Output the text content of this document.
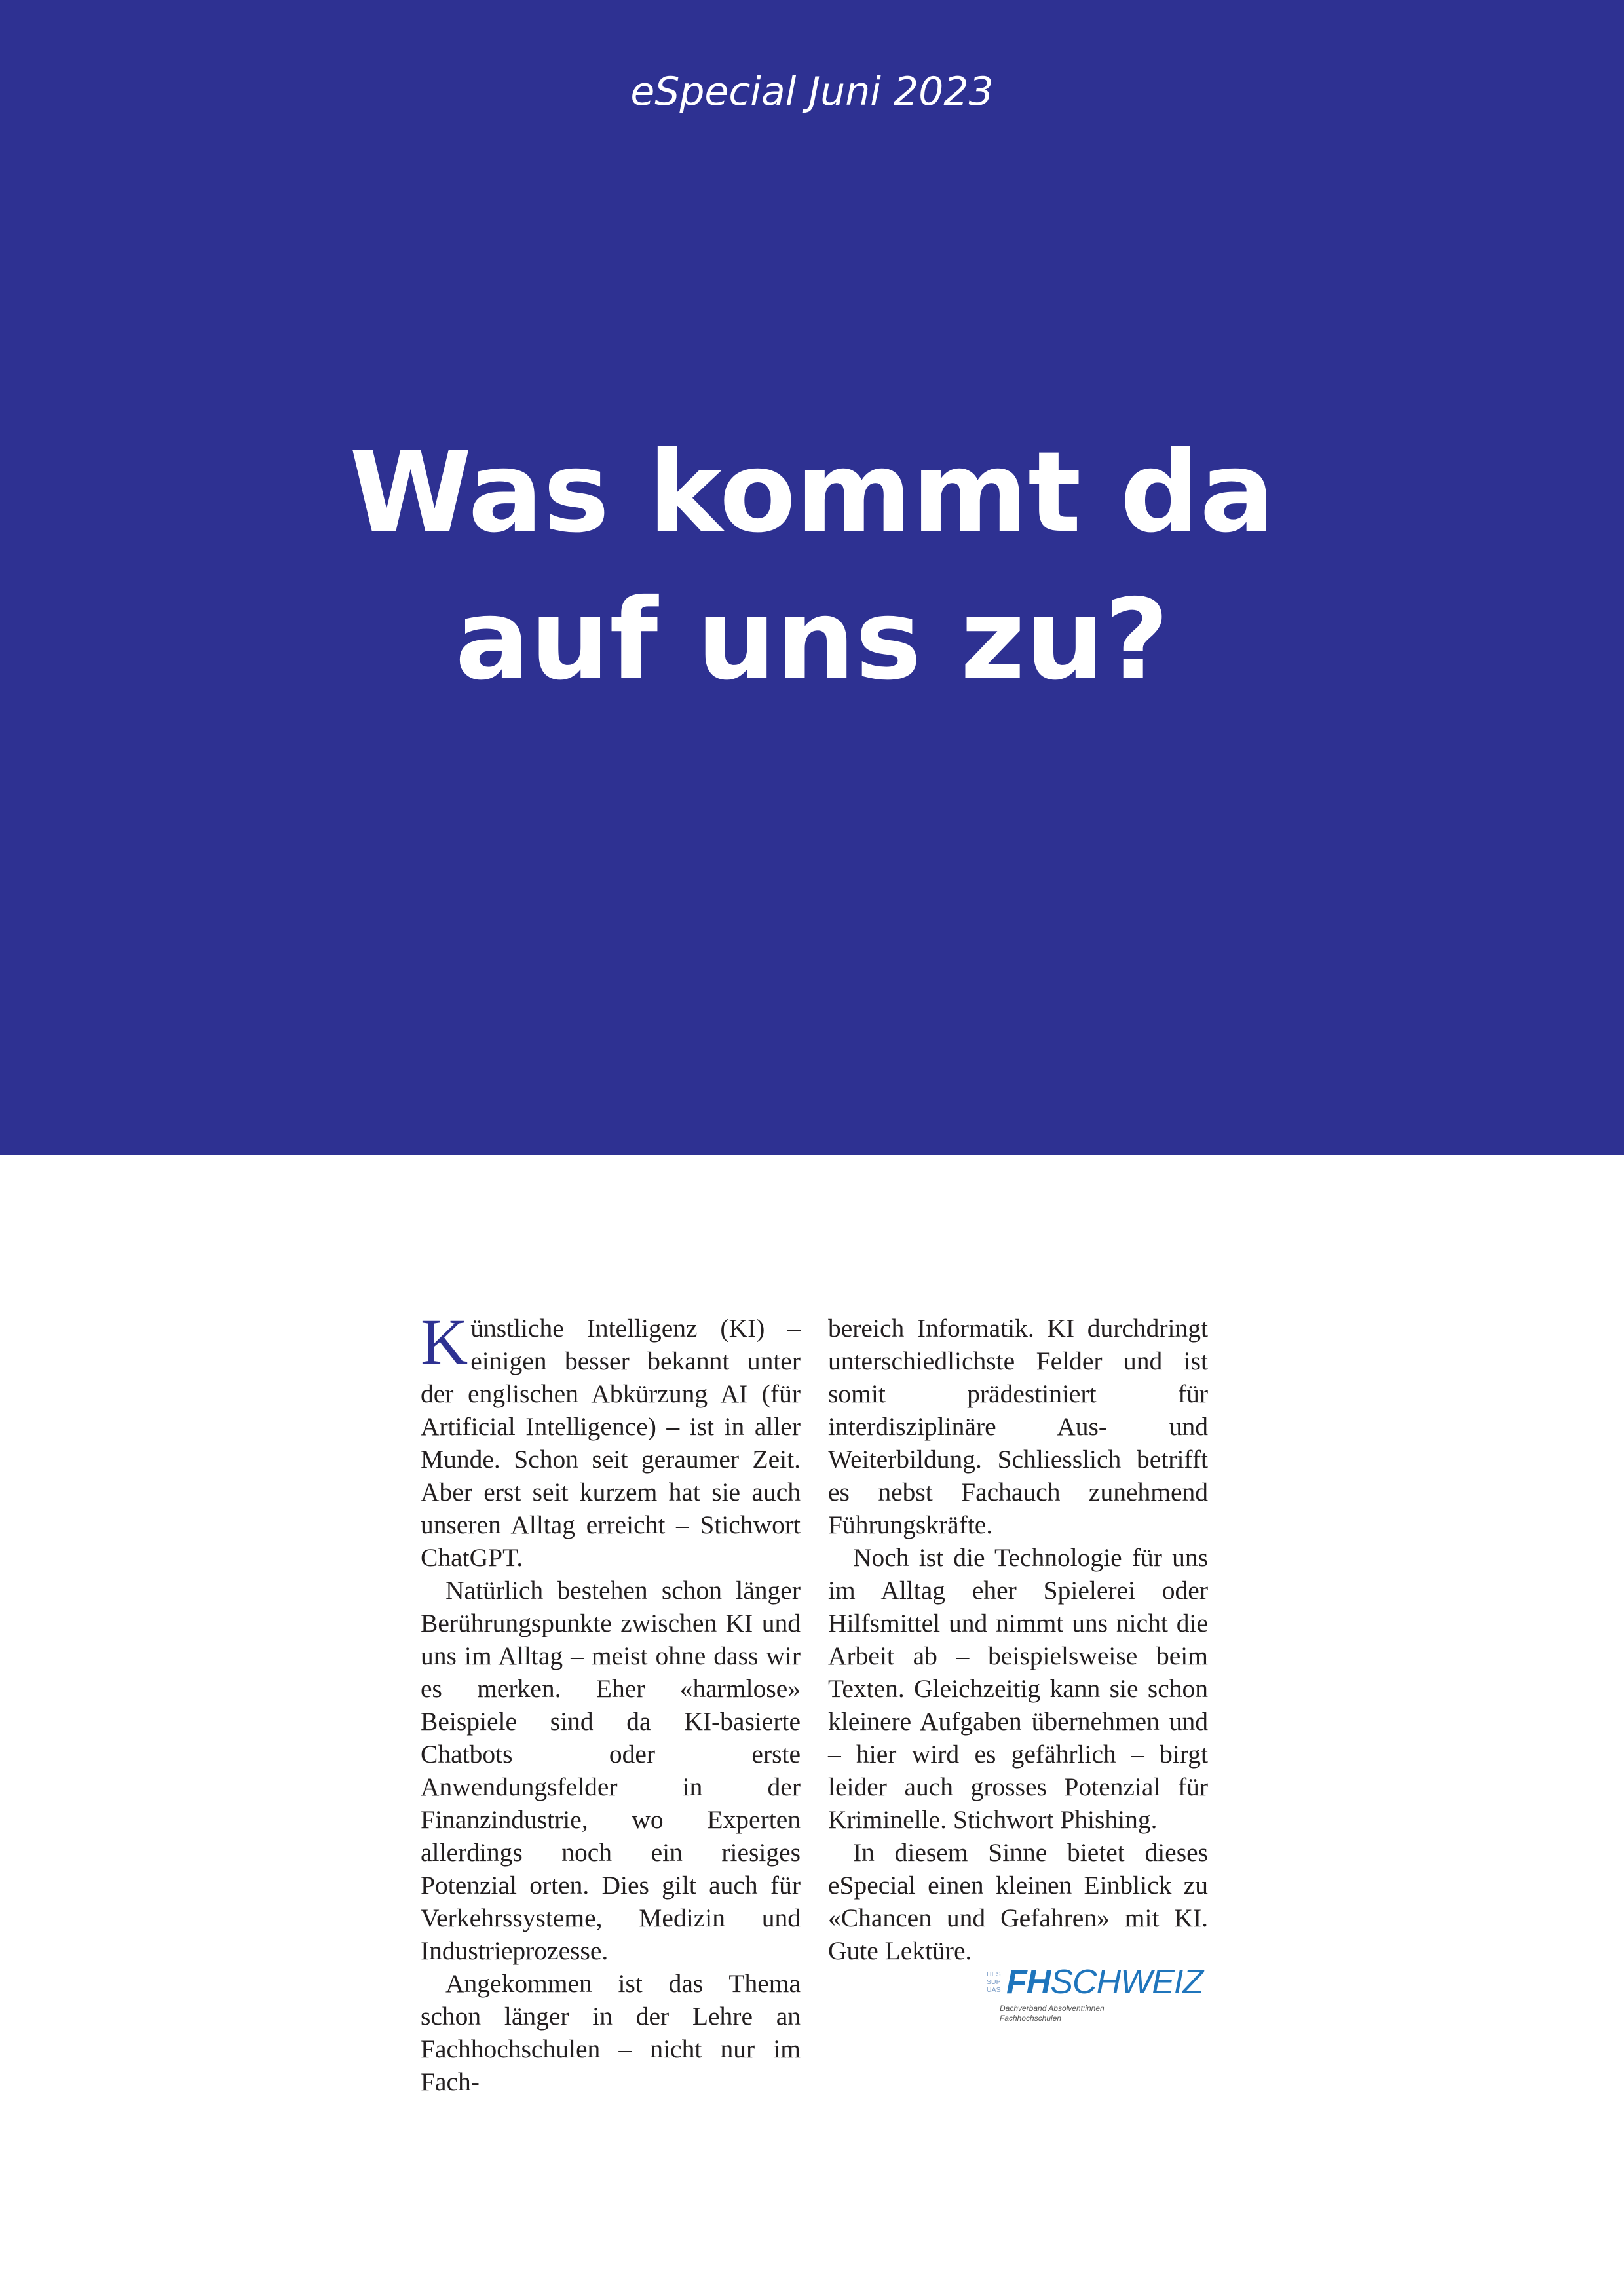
eSpecial Juni 2023
Was kommt da
auf uns zu?

Künstliche Intelligenz (KI) – einigen besser bekannt unter der englischen Abkürzung AI (für Artificial Intelligence) – ist in aller Munde. Schon seit geraumer Zeit. Aber erst seit kurzem hat sie auch unseren Alltag erreicht – Stichwort ChatGPT.

Natürlich bestehen schon länger Berührungspunkte zwischen KI und uns im Alltag – meist ohne dass wir es merken. Eher «harmlose» Beispiele sind da KI-basierte Chatbots oder erste Anwendungsfelder in der Finanzindustrie, wo Experten allerdings noch ein riesiges Potenzial orten. Dies gilt auch für Verkehrssysteme, Medizin und Industrieprozesse.

Angekommen ist das Thema schon länger in der Lehre an Fachhochschulen – nicht nur im Fach-

bereich Informatik. KI durchdringt unterschiedlichste Felder und ist somit prädestiniert für interdisziplinäre Aus- und Weiterbildung. Schliesslich betrifft es nebst Fachauch zunehmend Führungskräfte.

Noch ist die Technologie für uns im Alltag eher Spielerei oder Hilfsmittel und nimmt uns nicht die Arbeit ab – beispielsweise beim Texten. Gleichzeitig kann sie schon kleinere Aufgaben übernehmen und – hier wird es gefährlich – birgt leider auch grosses Potenzial für Kriminelle. Stichwort Phishing.

In diesem Sinne bietet dieses eSpecial einen kleinen Einblick zu «Chancen und Gefahren» mit KI. Gute Lektüre.

HES
SUP
UAS FHSCHWEIZ
Dachverband Absolvent:innen
Fachhochschulen
